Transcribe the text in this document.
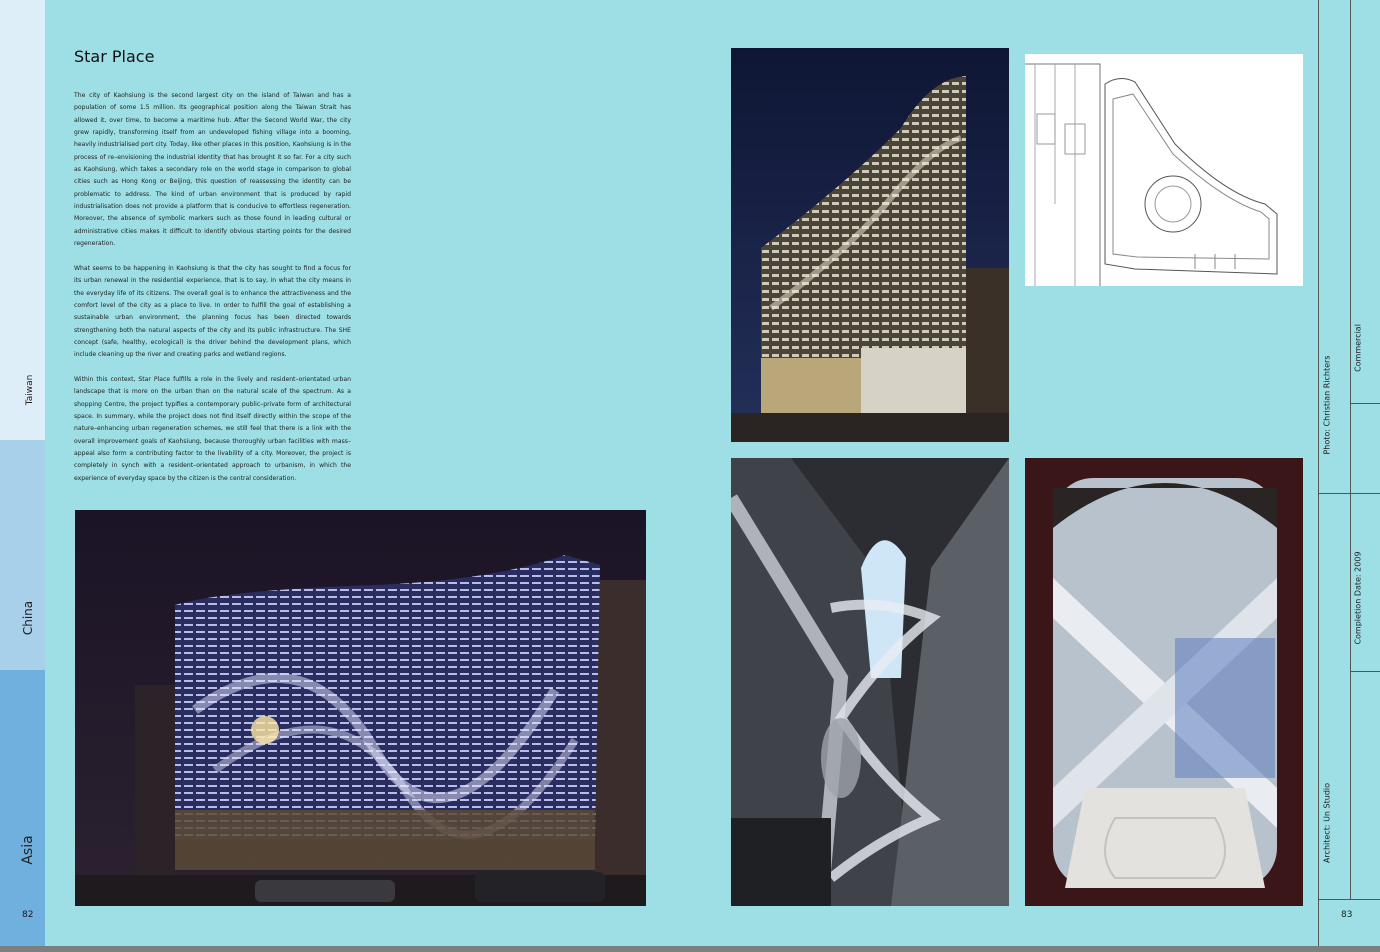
Taiwan
China
Asia
82
Star Place

The city of Kaohsiung is the second largest city on the island of Taiwan and has a population of some 1.5 million. Its geographical position along the Taiwan Strait has allowed it, over time, to become a maritime hub. After the Second World War, the city grew rapidly, transforming itself from an undeveloped fishing village into a booming, heavily industrialised port city. Today, like other places in this position, Kaohsiung is in the process of re–envisioning the industrial identity that has brought it so far. For a city such as Kaohsiung, which takes a secondary role on the world stage in comparison to global cities such as Hong Kong or Beijing, this question of reassessing the identity can be problematic to address. The kind of urban environment that is produced by rapid industrialisation does not provide a platform that is conducive to effortless regeneration. Moreover, the absence of symbolic markers such as those found in leading cultural or administrative cities makes it difficult to identify obvious starting points for the desired regeneration.

What seems to be happening in Kaohsiung is that the city has sought to find a focus for its urban renewal in the residential experience, that is to say, in what the city means in the everyday life of its citizens. The overall goal is to enhance the attractiveness and the comfort level of the city as a place to live. In order to fulfill the goal of establishing a sustainable urban environment, the planning focus has been directed towards strengthening both the natural aspects of the city and its public infrastructure. The SHE concept (safe, healthy, ecological) is the driver behind the development plans, which include cleaning up the river and creating parks and wetland regions.

Within this context, Star Place fulfills a role in the lively and resident–orientated urban landscape that is more on the urban than on the natural scale of the spectrum. As a shopping Centre, the project typifies a contemporary public–private form of architectural space. In summary, while the project does not find itself directly within the scope of the nature–enhancing urban regeneration schemes, we still feel that there is a link with the overall improvement goals of Kaohsiung, because thoroughly urban facilities with mass–appeal also form a contributing factor to the livability of a city. Moreover, the project is completely in synch with a resident–orientated approach to urbanism, in which the experience of everyday space by the citizen is the central consideration.

Commercial
Photo: Christian Richters
Completion Date: 2009
Architect: Un Studio
83
